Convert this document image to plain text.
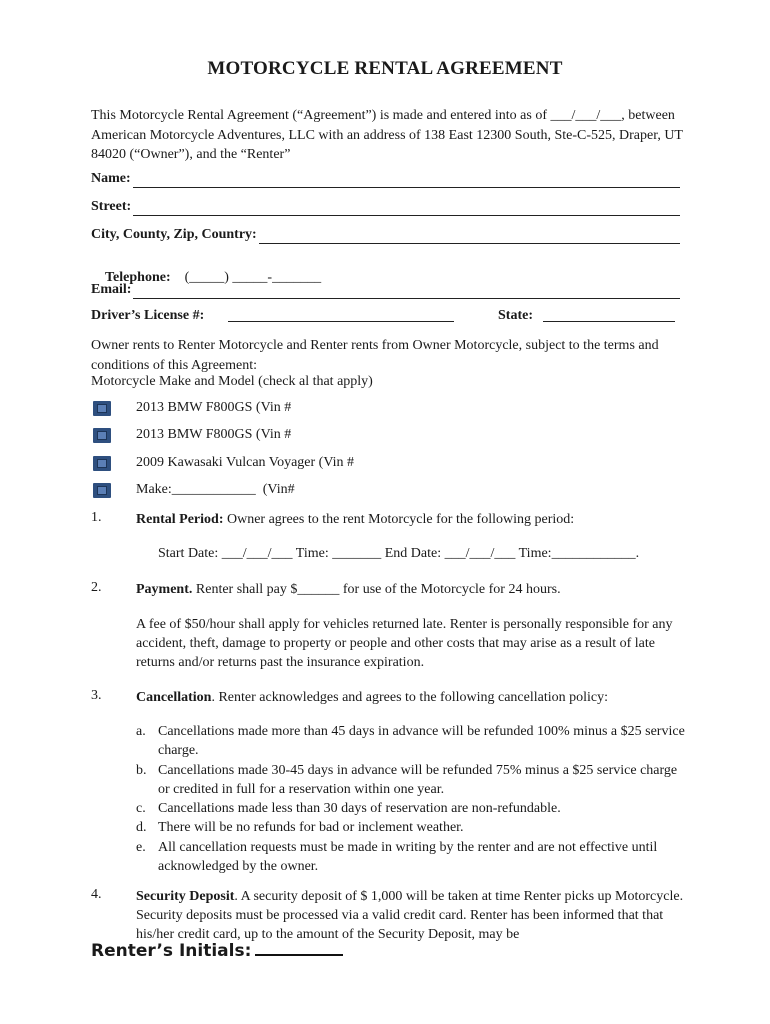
MOTORCYCLE RENTAL AGREEMENT
This Motorcycle Rental Agreement (“Agreement”) is made and entered into as of ___/___/___, between American Motorcycle Adventures, LLC with an address of 138 East 12300 South, Ste-C-525, Draper, UT 84020 (“Owner”), and the “Renter”
Name:
Street:
City, County, Zip, Country:

Telephone:    (_____) _____-_______

Email:
Driver’s License #:	State:
Owner rents to Renter Motorcycle and Renter rents from Owner Motorcycle, subject to the terms and conditions of this Agreement:
Motorcycle Make and Model (check al that apply)
2013 BMW F800GS (Vin #
2013 BMW F800GS (Vin #
2009 Kawasaki Vulcan Voyager (Vin #
Make:____________  (Vin#
1. Rental Period: Owner agrees to the rent Motorcycle for the following period:
Start Date: ___/___/___ Time: _______ End Date: ___/___/___ Time:____________.
2. Payment. Renter shall pay $______ for use of the Motorcycle for 24 hours.
A fee of $50/hour shall apply for vehicles returned late. Renter is personally responsible for any accident, theft, damage to property or people and other costs that may arise as a result of late returns and/or returns past the insurance expiration.
3. Cancellation. Renter acknowledges and agrees to the following cancellation policy:
a. Cancellations made more than 45 days in advance will be refunded 100% minus a $25 service charge.
b. Cancellations made 30-45 days in advance will be refunded 75% minus a $25 service charge or credited in full for a reservation within one year.
c. Cancellations made less than 30 days of reservation are non-refundable.
d. There will be no refunds for bad or inclement weather.
e. All cancellation requests must be made in writing by the renter and are not effective until acknowledged by the owner.
4. Security Deposit. A security deposit of $ 1,000 will be taken at time Renter picks up Motorcycle. Security deposits must be processed via a valid credit card. Renter has been informed that that his/her credit card, up to the amount of the Security Deposit, may be
Renter’s Initials:
